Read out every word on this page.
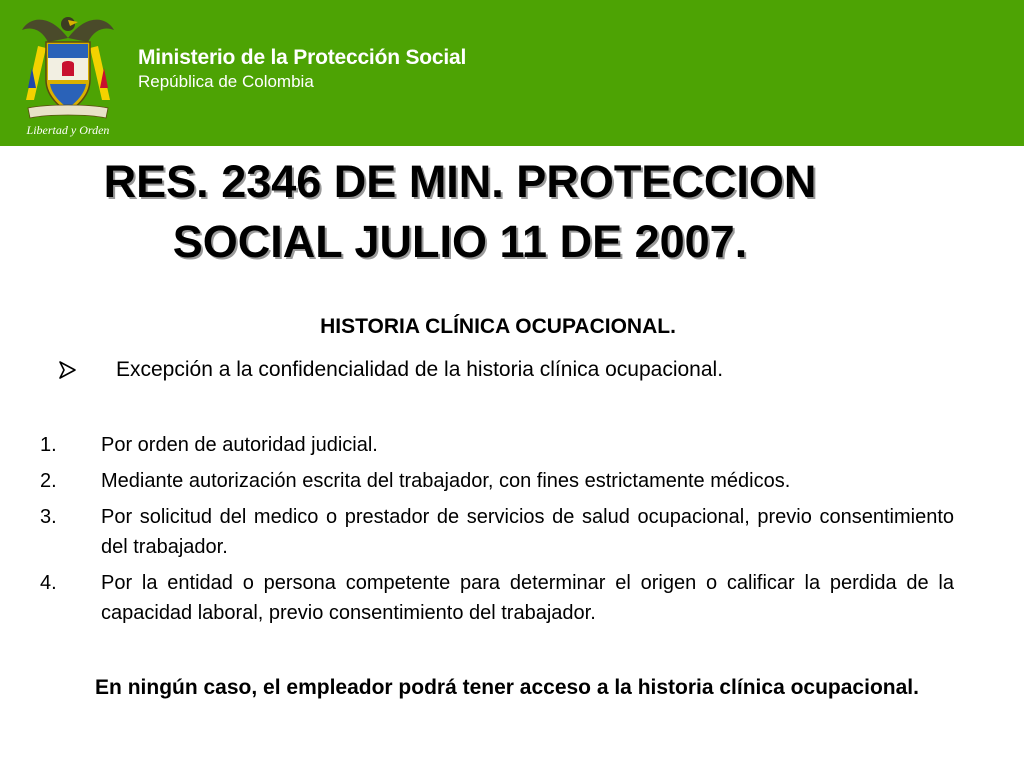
Libertad y Orden
Ministerio de la Protección Social
República de Colombia
RES. 2346 DE MIN. PROTECCION
SOCIAL JULIO 11 DE 2007.
HISTORIA CLÍNICA OCUPACIONAL.
Excepción a la confidencialidad de la historia clínica ocupacional.
1. Por orden de autoridad judicial.
2. Mediante autorización escrita del trabajador, con fines estrictamente médicos.
3. Por solicitud del medico o prestador de servicios de salud ocupacional, previo consentimiento del trabajador.
4. Por la entidad o persona competente para determinar el origen o calificar la perdida de la capacidad laboral, previo consentimiento del trabajador.
En ningún caso, el empleador podrá tener acceso a la historia clínica ocupacional.
